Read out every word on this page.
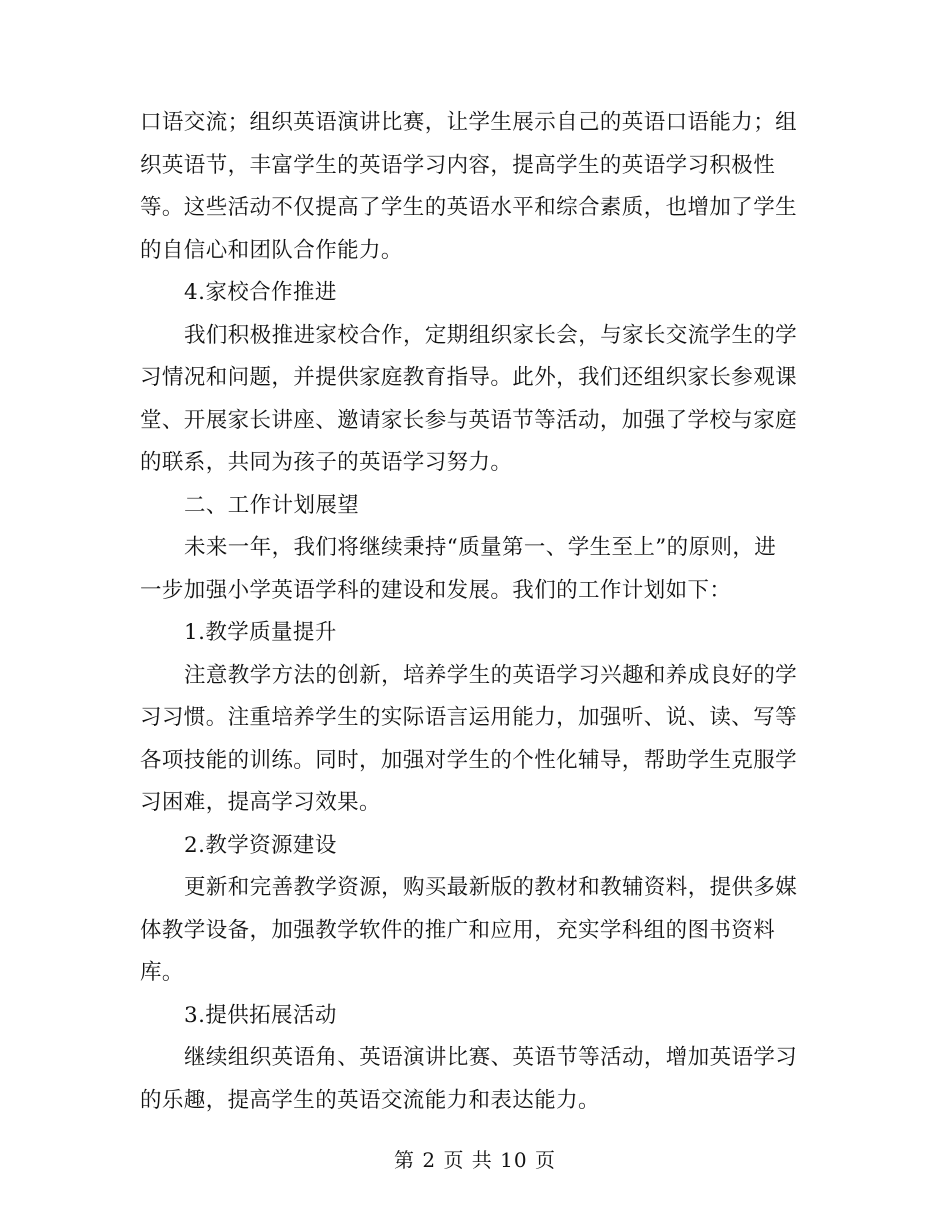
口语交流；组织英语演讲比赛，让学生展示自己的英语口语能力；组
织英语节，丰富学生的英语学习内容，提高学生的英语学习积极性
等。这些活动不仅提高了学生的英语水平和综合素质，也增加了学生
的自信心和团队合作能力。
4.家校合作推进
我们积极推进家校合作，定期组织家长会，与家长交流学生的学
习情况和问题，并提供家庭教育指导。此外，我们还组织家长参观课
堂、开展家长讲座、邀请家长参与英语节等活动，加强了学校与家庭
的联系，共同为孩子的英语学习努力。
二、工作计划展望
未来一年，我们将继续秉持“质量第一、学生至上”的原则，进
一步加强小学英语学科的建设和发展。我们的工作计划如下：
1.教学质量提升
注意教学方法的创新，培养学生的英语学习兴趣和养成良好的学
习习惯。注重培养学生的实际语言运用能力，加强听、说、读、写等
各项技能的训练。同时，加强对学生的个性化辅导，帮助学生克服学
习困难，提高学习效果。
2.教学资源建设
更新和完善教学资源，购买最新版的教材和教辅资料，提供多媒
体教学设备，加强教学软件的推广和应用，充实学科组的图书资料
库。
3.提供拓展活动
继续组织英语角、英语演讲比赛、英语节等活动，增加英语学习
的乐趣，提高学生的英语交流能力和表达能力。
第 2 页 共 10 页
